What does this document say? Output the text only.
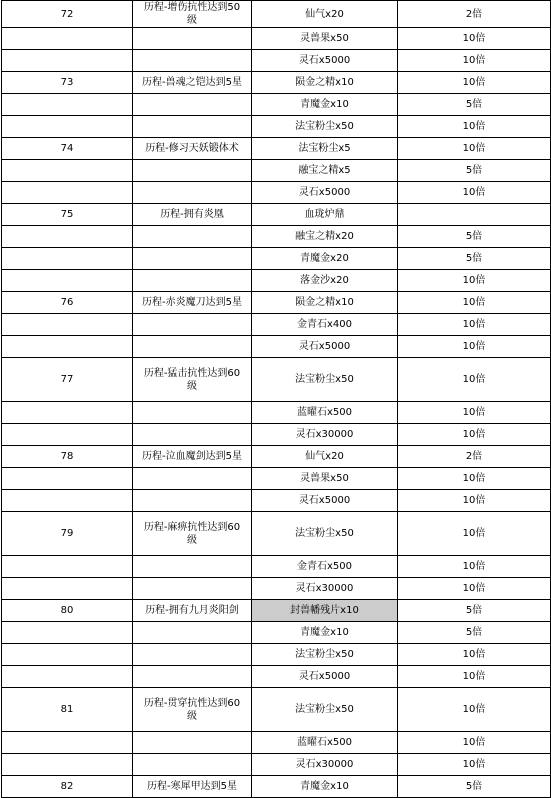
72	历程-增伤抗性达到50级	仙气x20	2倍
		灵兽果x50	10倍
		灵石x5000	10倍
73	历程-兽魂之铠达到5星	陨金之精x10	10倍
		青魔金x10	5倍
		法宝粉尘x50	10倍
74	历程-修习天妖锻体术	法宝粉尘x5	10倍
		融宝之精x5	5倍
		灵石x5000	10倍
75	历程-拥有炎凰	血珑炉鼎	
		融宝之精x20	5倍
		青魔金x20	5倍
		落金沙x20	10倍
76	历程-赤炎魔刀达到5星	陨金之精x10	10倍
		金青石x400	10倍
		灵石x5000	10倍
77	历程-猛击抗性达到60级	法宝粉尘x50	10倍
		蓝曜石x500	10倍
		灵石x30000	10倍
78	历程-泣血魔剑达到5星	仙气x20	2倍
		灵兽果x50	10倍
		灵石x5000	10倍
79	历程-麻痹抗性达到60级	法宝粉尘x50	10倍
		金青石x500	10倍
		灵石x30000	10倍
80	历程-拥有九月炎阳剑	封兽幡残片x10	5倍
		青魔金x10	5倍
		法宝粉尘x50	10倍
		灵石x5000	10倍
81	历程-贯穿抗性达到60级	法宝粉尘x50	10倍
		蓝曜石x500	10倍
		灵石x30000	10倍
82	历程-寒犀甲达到5星	青魔金x10	5倍
